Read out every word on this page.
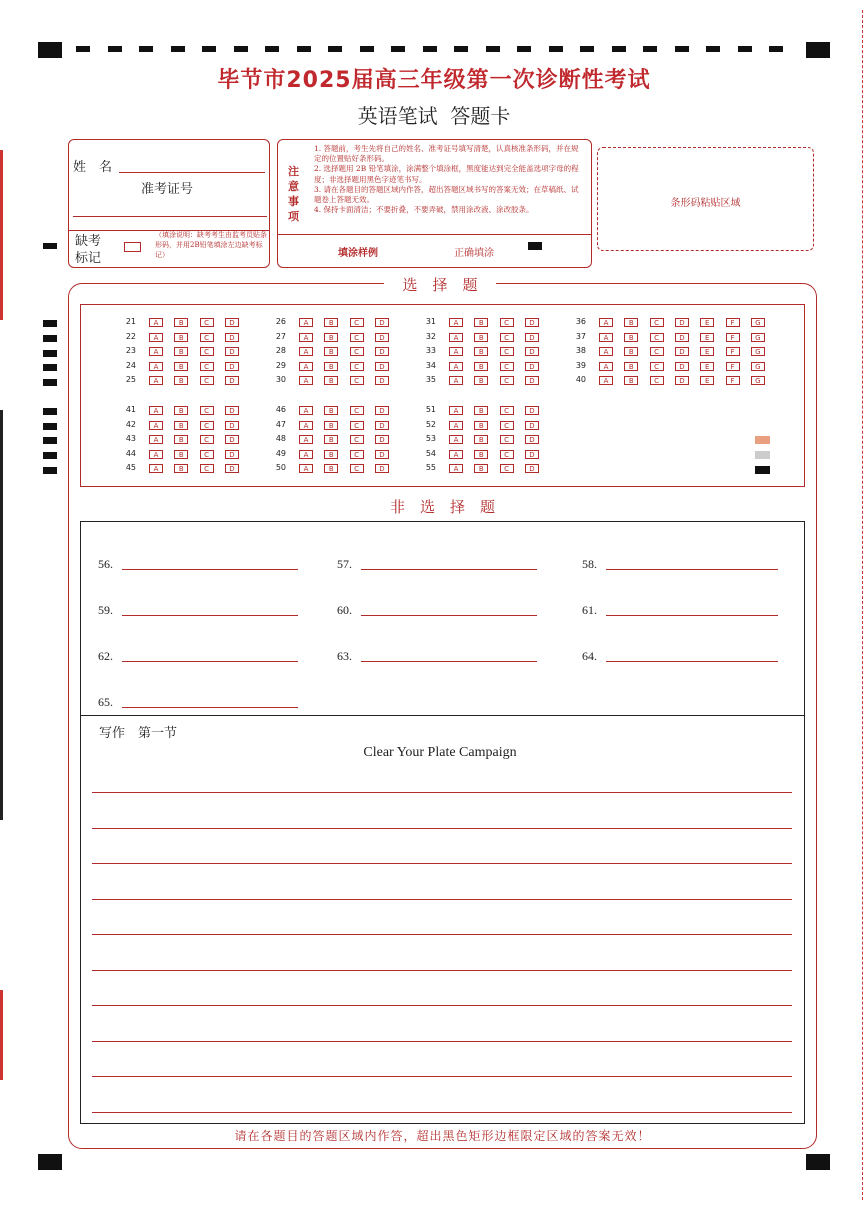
毕节市2025届高三年级第一次诊断性考试
英语笔试  答题卡
姓　名
准考证号
缺考
标记
（填涂说明：缺考考生由监考员贴条形码，并用2B铅笔填涂左边缺考标记）
注
意
事
项
1. 答题前，考生先将自己的姓名、准考证号填写清楚，认真核准条形码，并在规定的位置贴好条形码。
2. 选择题用 2B 铅笔填涂，涂满整个填涂框，黑度能达到完全能盖选项字母的程度；非选择题用黑色字迹笔书写。
3. 请在各题目的答题区域内作答，超出答题区域书写的答案无效；在草稿纸、试题卷上答题无效。
4. 保持卡面清洁；不要折叠，不要弄破，禁用涂改液、涂改胶条。
填涂样例	正确填涂
条形码粘贴区域
选　择　题
21	A	B	C	D
22	A	B	C	D
23	A	B	C	D
24	A	B	C	D
25	A	B	C	D
26	A	B	C	D
27	A	B	C	D
28	A	B	C	D
29	A	B	C	D
30	A	B	C	D
31	A	B	C	D
32	A	B	C	D
33	A	B	C	D
34	A	B	C	D
35	A	B	C	D
36	A	B	C	D	E	F	G
37	A	B	C	D	E	F	G
38	A	B	C	D	E	F	G
39	A	B	C	D	E	F	G
40	A	B	C	D	E	F	G
41	A	B	C	D
42	A	B	C	D
43	A	B	C	D
44	A	B	C	D
45	A	B	C	D
46	A	B	C	D
47	A	B	C	D
48	A	B	C	D
49	A	B	C	D
50	A	B	C	D
51	A	B	C	D
52	A	B	C	D
53	A	B	C	D
54	A	B	C	D
55	A	B	C	D
非　选　择　题
56.	57.	58.
59.	60.	61.
62.	63.	64.
65.
写作　第一节
Clear Your Plate Campaign
请在各题目的答题区域内作答，超出黑色矩形边框限定区域的答案无效！
